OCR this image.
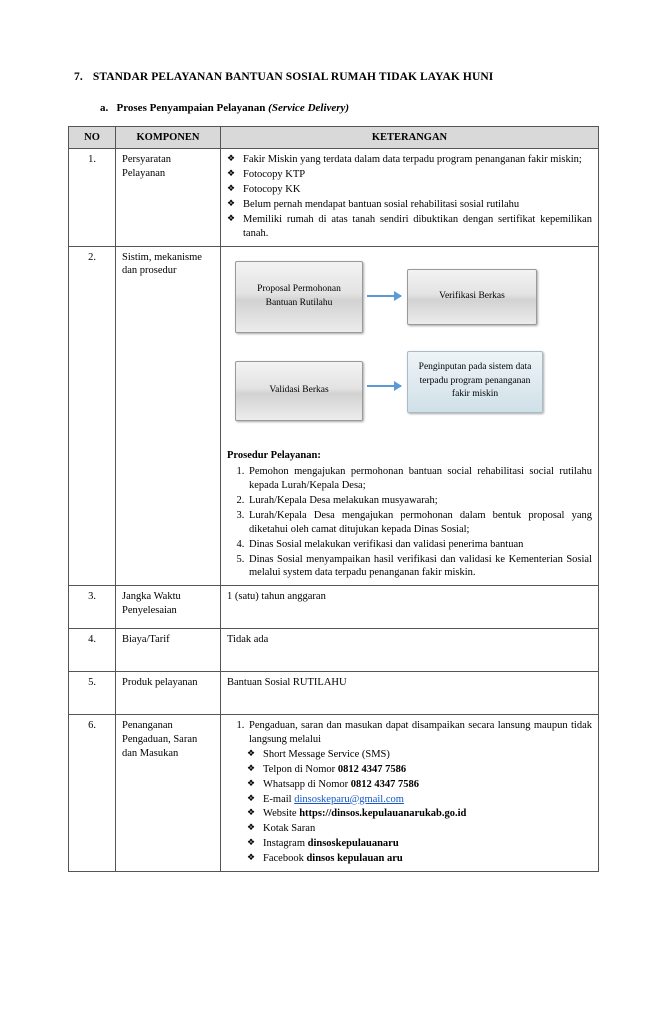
7. STANDAR PELAYANAN BANTUAN SOSIAL RUMAH TIDAK LAYAK HUNI
a. Proses Penyampaian Pelayanan (Service Delivery)
NO	KOMPONEN	KETERANGAN
1.	Persyaratan Pelayanan	
❖ Fakir Miskin yang terdata dalam data terpadu program penanganan fakir miskin;
❖ Fotocopy KTP
❖ Fotocopy KK
❖ Belum pernah mendapat bantuan sosial rehabilitasi sosial rutilahu
❖ Memiliki rumah di atas tanah sendiri dibuktikan dengan sertifikat kepemilikan tanah.

2.	Sistim, mekanisme dan prosedur	
Proposal Permohonan Bantuan Rutilahu
Verifikasi Berkas
Validasi Berkas
Penginputan pada sistem data terpadu program penanganan fakir miskin
Prosedur Pelayanan:
1. Pemohon mengajukan permohonan bantuan social rehabilitasi social rutilahu kepada Lurah/Kepala Desa;
2. Lurah/Kepala Desa melakukan musyawarah;
3. Lurah/Kepala Desa mengajukan permohonan dalam bentuk proposal yang diketahui oleh camat ditujukan kepada Dinas Sosial;
4. Dinas Sosial melakukan verifikasi dan validasi penerima bantuan
5. Dinas Sosial menyampaikan hasil verifikasi dan validasi ke Kementerian Sosial melalui system data terpadu penanganan fakir miskin.

3.	Jangka Waktu Penyelesaian	1 (satu) tahun anggaran
4.	Biaya/Tarif	Tidak ada
5.	Produk pelayanan	Bantuan Sosial RUTILAHU
6.	Penanganan Pengaduan, Saran dan Masukan	
1. Pengaduan, saran dan masukan dapat disampaikan secara lansung maupun tidak langsung melalui
❖ Short Message Service (SMS)
❖ Telpon di Nomor 0812 4347 7586
❖ Whatsapp di Nomor 0812 4347 7586
❖ E-mail dinsoskeparu@gmail.com
❖ Website https://dinsos.kepulauanarukab.go.id
❖ Kotak Saran
❖ Instagram dinsoskepulauanaru
❖ Facebook dinsos kepulauan aru
